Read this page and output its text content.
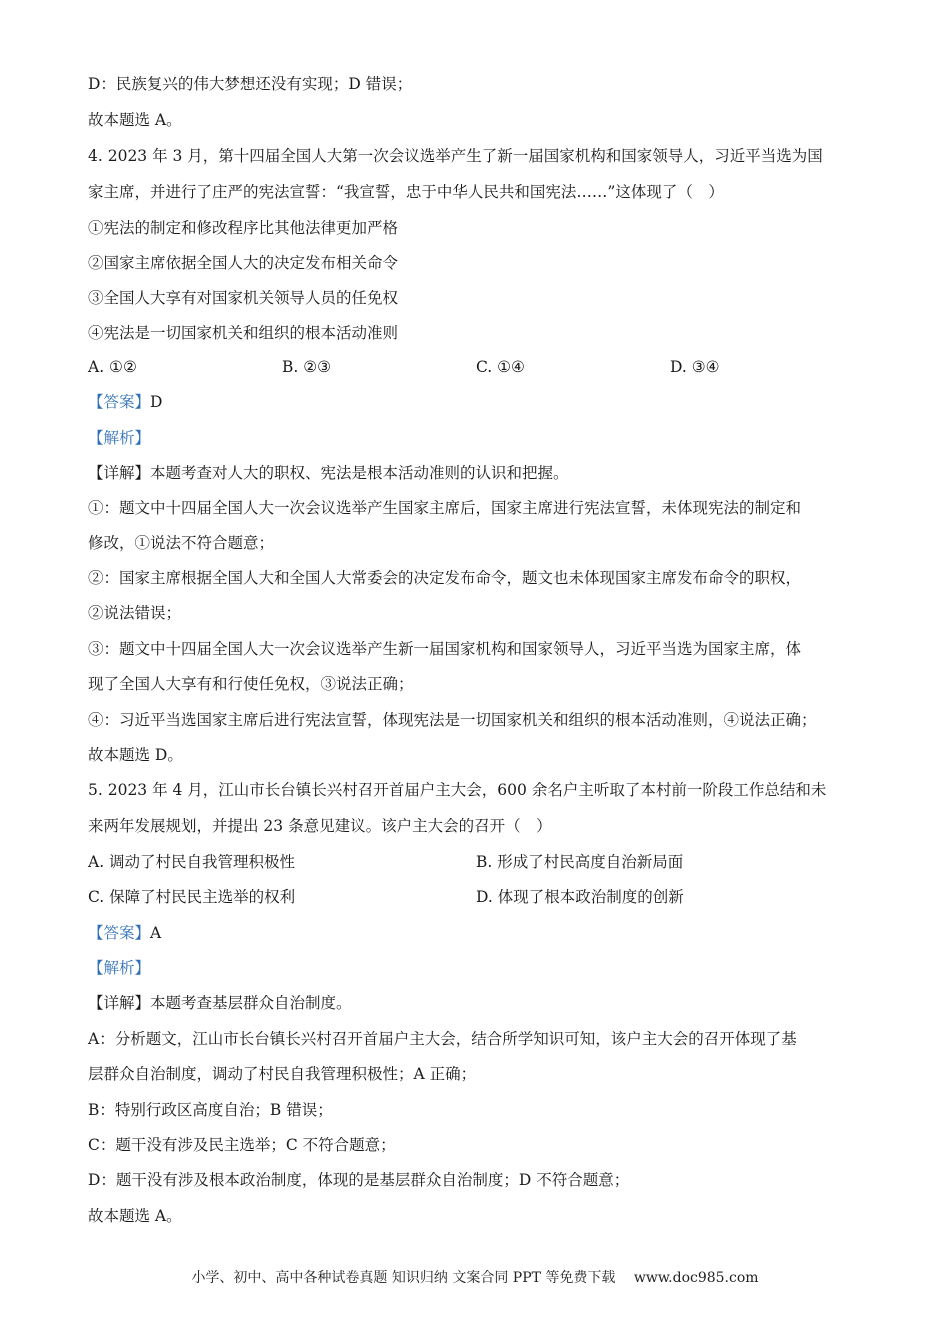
D：民族复兴的伟大梦想还没有实现；D 错误；
故本题选 A。
4. 2023 年 3 月，第十四届全国人大第一次会议选举产生了新一届国家机构和国家领导人，习近平当选为国
家主席，并进行了庄严的宪法宣誓：“我宣誓，忠于中华人民共和国宪法……”这体现了（　）
①宪法的制定和修改程序比其他法律更加严格
②国家主席依据全国人大的决定发布相关命令
③全国人大享有对国家机关领导人员的任免权
④宪法是一切国家机关和组织的根本活动准则
A. ①②	B. ②③	C. ①④	D. ③④
【答案】D
【解析】
【详解】本题考查对人大的职权、宪法是根本活动准则的认识和把握。
①：题文中十四届全国人大一次会议选举产生国家主席后，国家主席进行宪法宣誓，未体现宪法的制定和
修改，①说法不符合题意；
②：国家主席根据全国人大和全国人大常委会的决定发布命令，题文也未体现国家主席发布命令的职权，
②说法错误；
③：题文中十四届全国人大一次会议选举产生新一届国家机构和国家领导人，习近平当选为国家主席，体
现了全国人大享有和行使任免权，③说法正确；
④：习近平当选国家主席后进行宪法宣誓，体现宪法是一切国家机关和组织的根本活动准则，④说法正确；
故本题选 D。
5. 2023 年 4 月，江山市长台镇长兴村召开首届户主大会，600 余名户主听取了本村前一阶段工作总结和未
来两年发展规划，并提出 23 条意见建议。该户主大会的召开（　）
A. 调动了村民自我管理积极性	B. 形成了村民高度自治新局面
C. 保障了村民民主选举的权利	D. 体现了根本政治制度的创新
【答案】A
【解析】
【详解】本题考查基层群众自治制度。
A：分析题文，江山市长台镇长兴村召开首届户主大会，结合所学知识可知，该户主大会的召开体现了基
层群众自治制度，调动了村民自我管理积极性；A 正确；
B：特别行政区高度自治；B 错误；
C：题干没有涉及民主选举；C 不符合题意；
D：题干没有涉及根本政治制度，体现的是基层群众自治制度；D 不符合题意；
故本题选 A。
小学、初中、高中各种试卷真题 知识归纳 文案合同 PPT 等免费下载　 www.doc985.com
